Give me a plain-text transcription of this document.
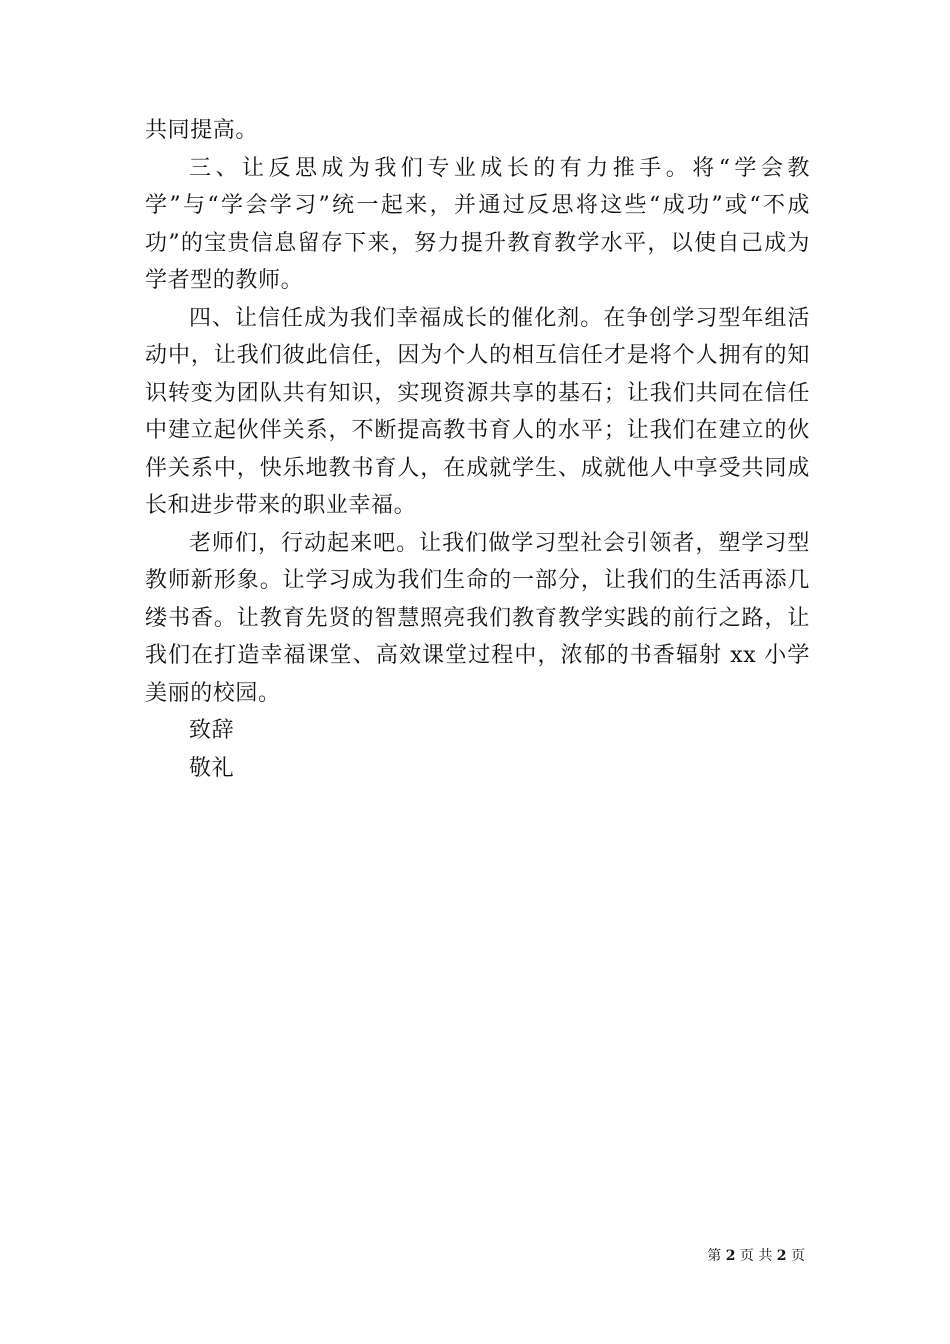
共同提高。

三、让反思成为我们专业成长的有力推手。将“学会教学”与“学会学习”统一起来，并通过反思将这些“成功”或“不成功”的宝贵信息留存下来，努力提升教育教学水平，以使自己成为学者型的教师。

四、让信任成为我们幸福成长的催化剂。在争创学习型年组活动中，让我们彼此信任，因为个人的相互信任才是将个人拥有的知识转变为团队共有知识，实现资源共享的基石；让我们共同在信任中建立起伙伴关系，不断提高教书育人的水平；让我们在建立的伙伴关系中，快乐地教书育人，在成就学生、成就他人中享受共同成长和进步带来的职业幸福。

老师们，行动起来吧。让我们做学习型社会引领者，塑学习型教师新形象。让学习成为我们生命的一部分，让我们的生活再添几缕书香。让教育先贤的智慧照亮我们教育教学实践的前行之路，让我们在打造幸福课堂、高效课堂过程中，浓郁的书香辐射 xx 小学美丽的校园。

致辞

敬礼

第 2 页 共 2 页
